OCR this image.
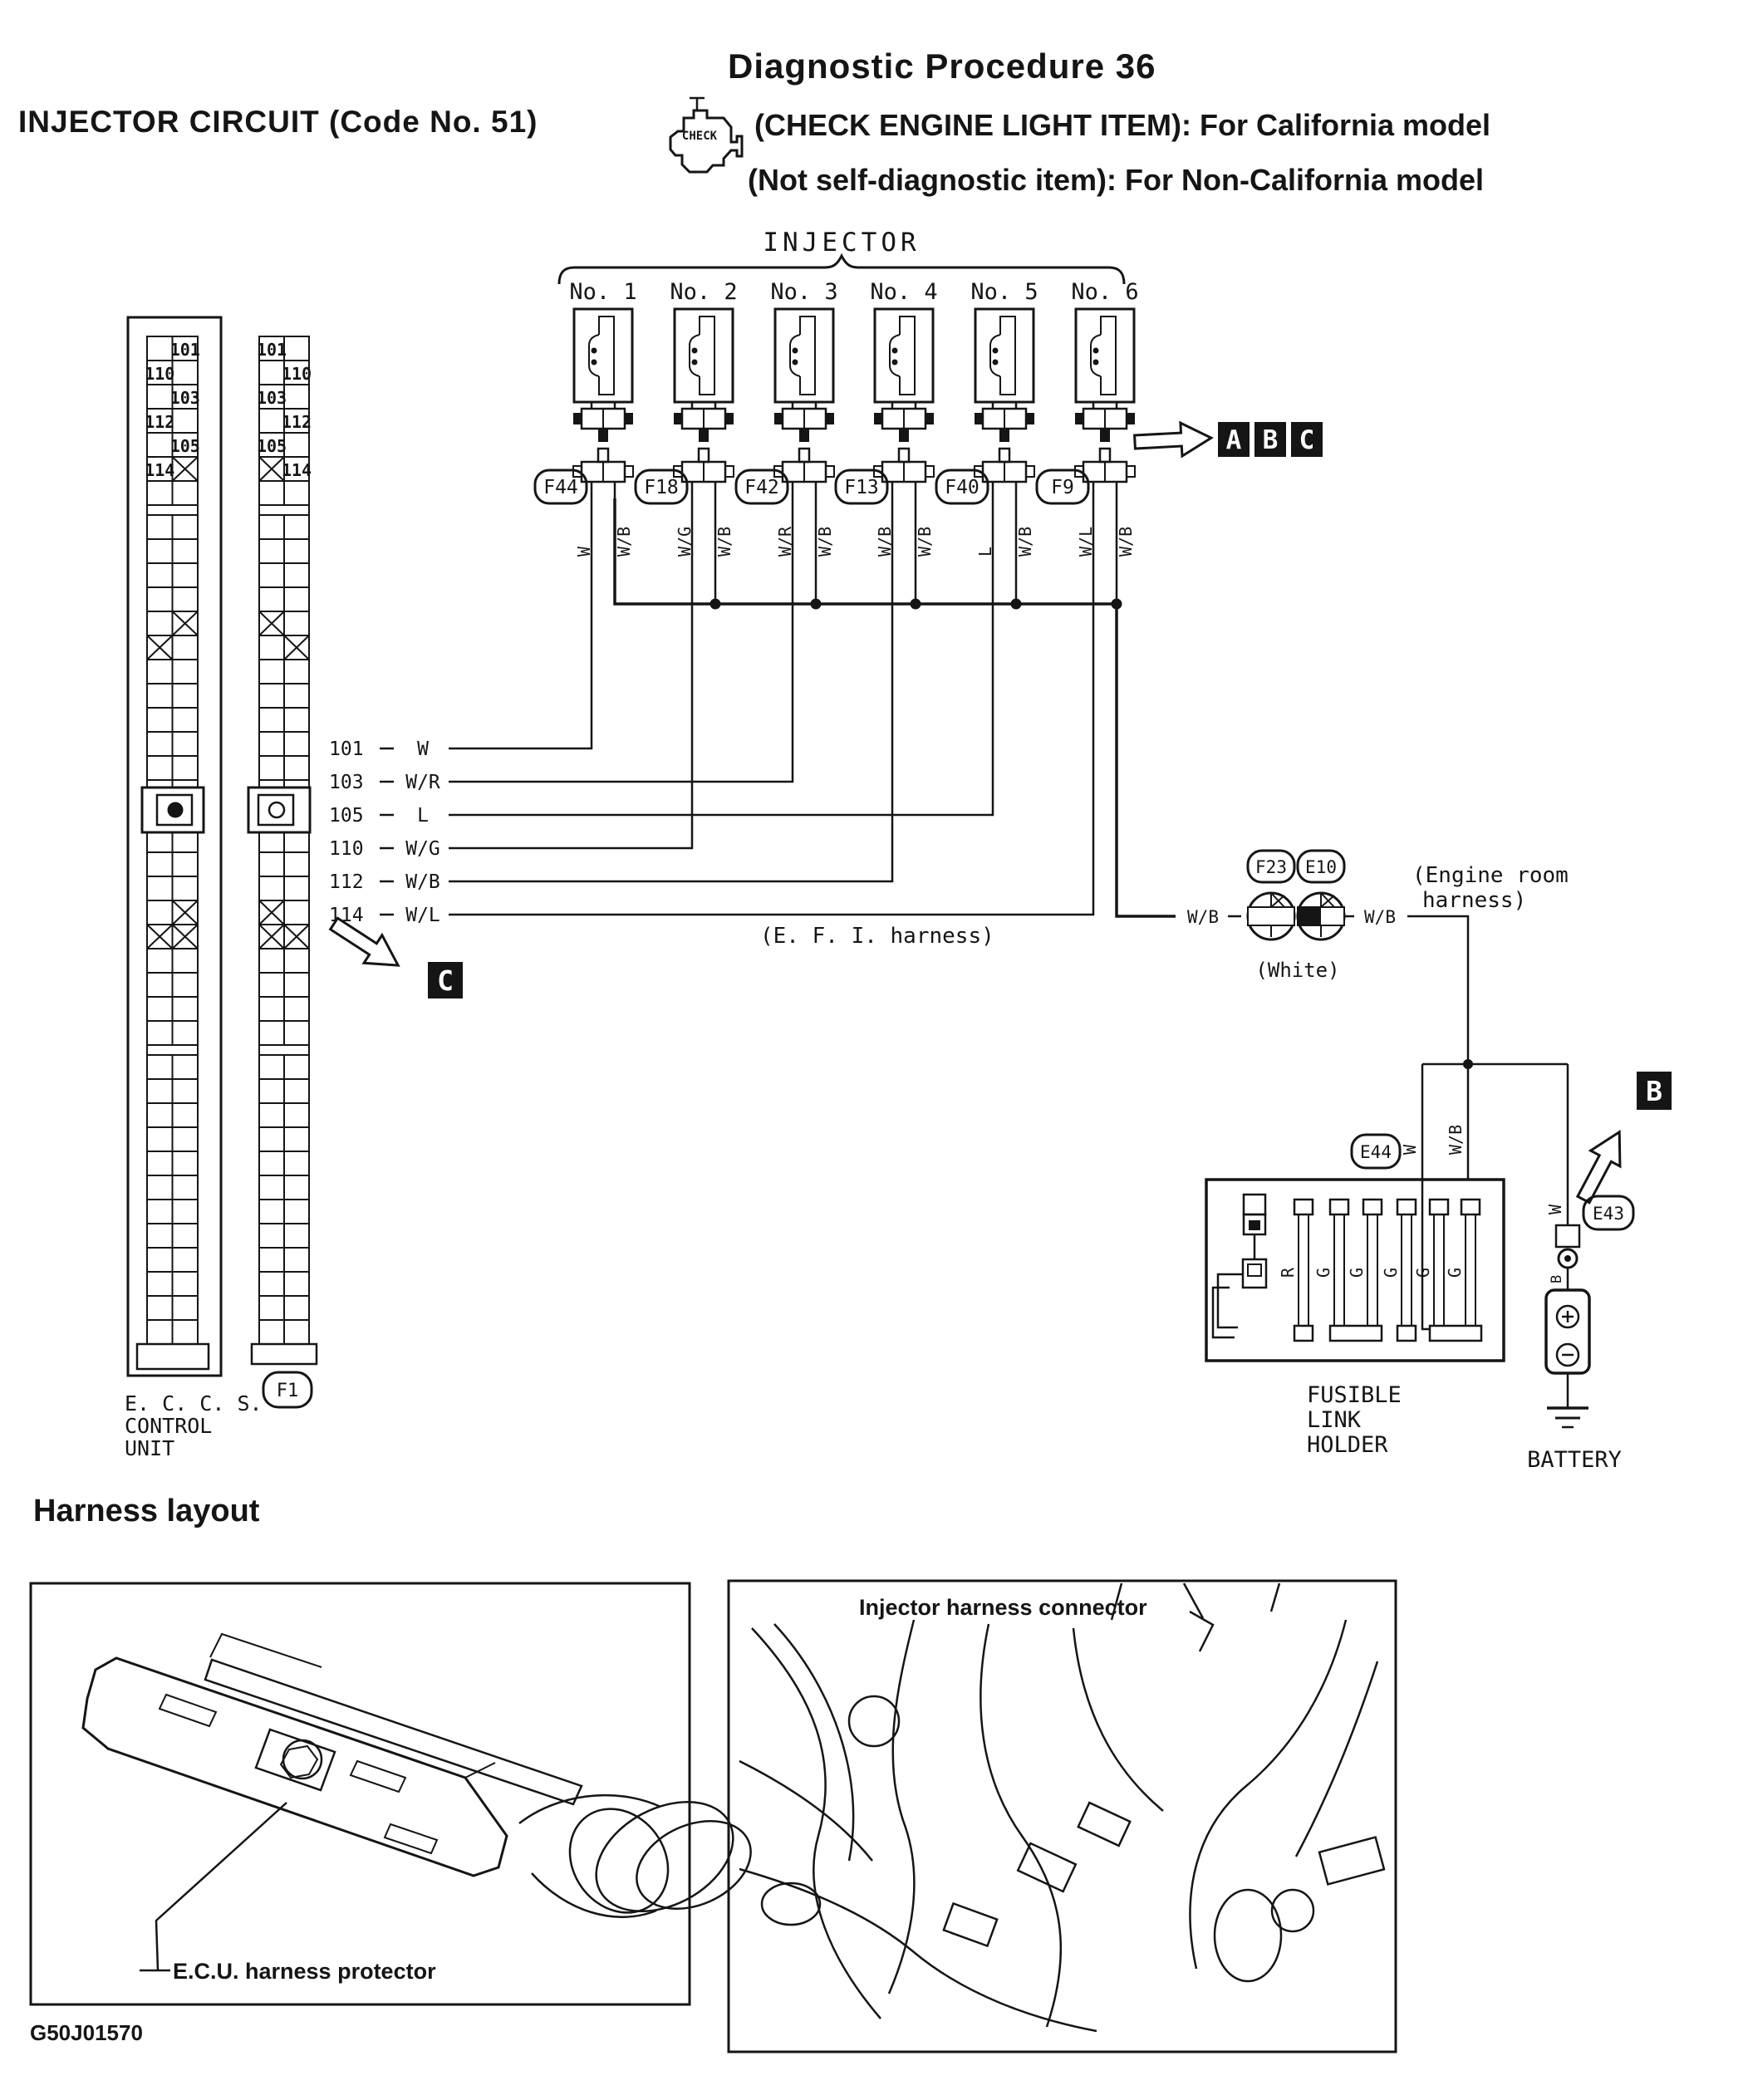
Diagnostic Procedure 36
INJECTOR CIRCUIT (Code No. 51)	CHECK (CHECK ENGINE LIGHT ITEM): For California model
(Not self-diagnostic item): For Non-California model
Harness layout
INJECTOR
No. 1
F44
W W/B
No. 2
F18
W/G W/B
No. 3
F42
W/R W/B
No. 4
F13
W/B W/B
No. 5
F40
L W/B
No. 6
F9
W/L W/B
A B C
101	W
103 W/R
105	L
110 W/G
112 W/B
114 W/L
C
(E. F. I. harness)
W/B
F23 E10
(White)
W/B
(Engine room
harness)
W W/B
E44
R G G G G G
FUSIBLE
LINK
HOLDER
B
W E43
B
BATTERY
101
110
103
112
105
114
101
110
103
112
105
114
F1
E. C. C. S.
CONTROL
UNIT
E.C.U. harness protector
Injector harness connector
G50J01570
